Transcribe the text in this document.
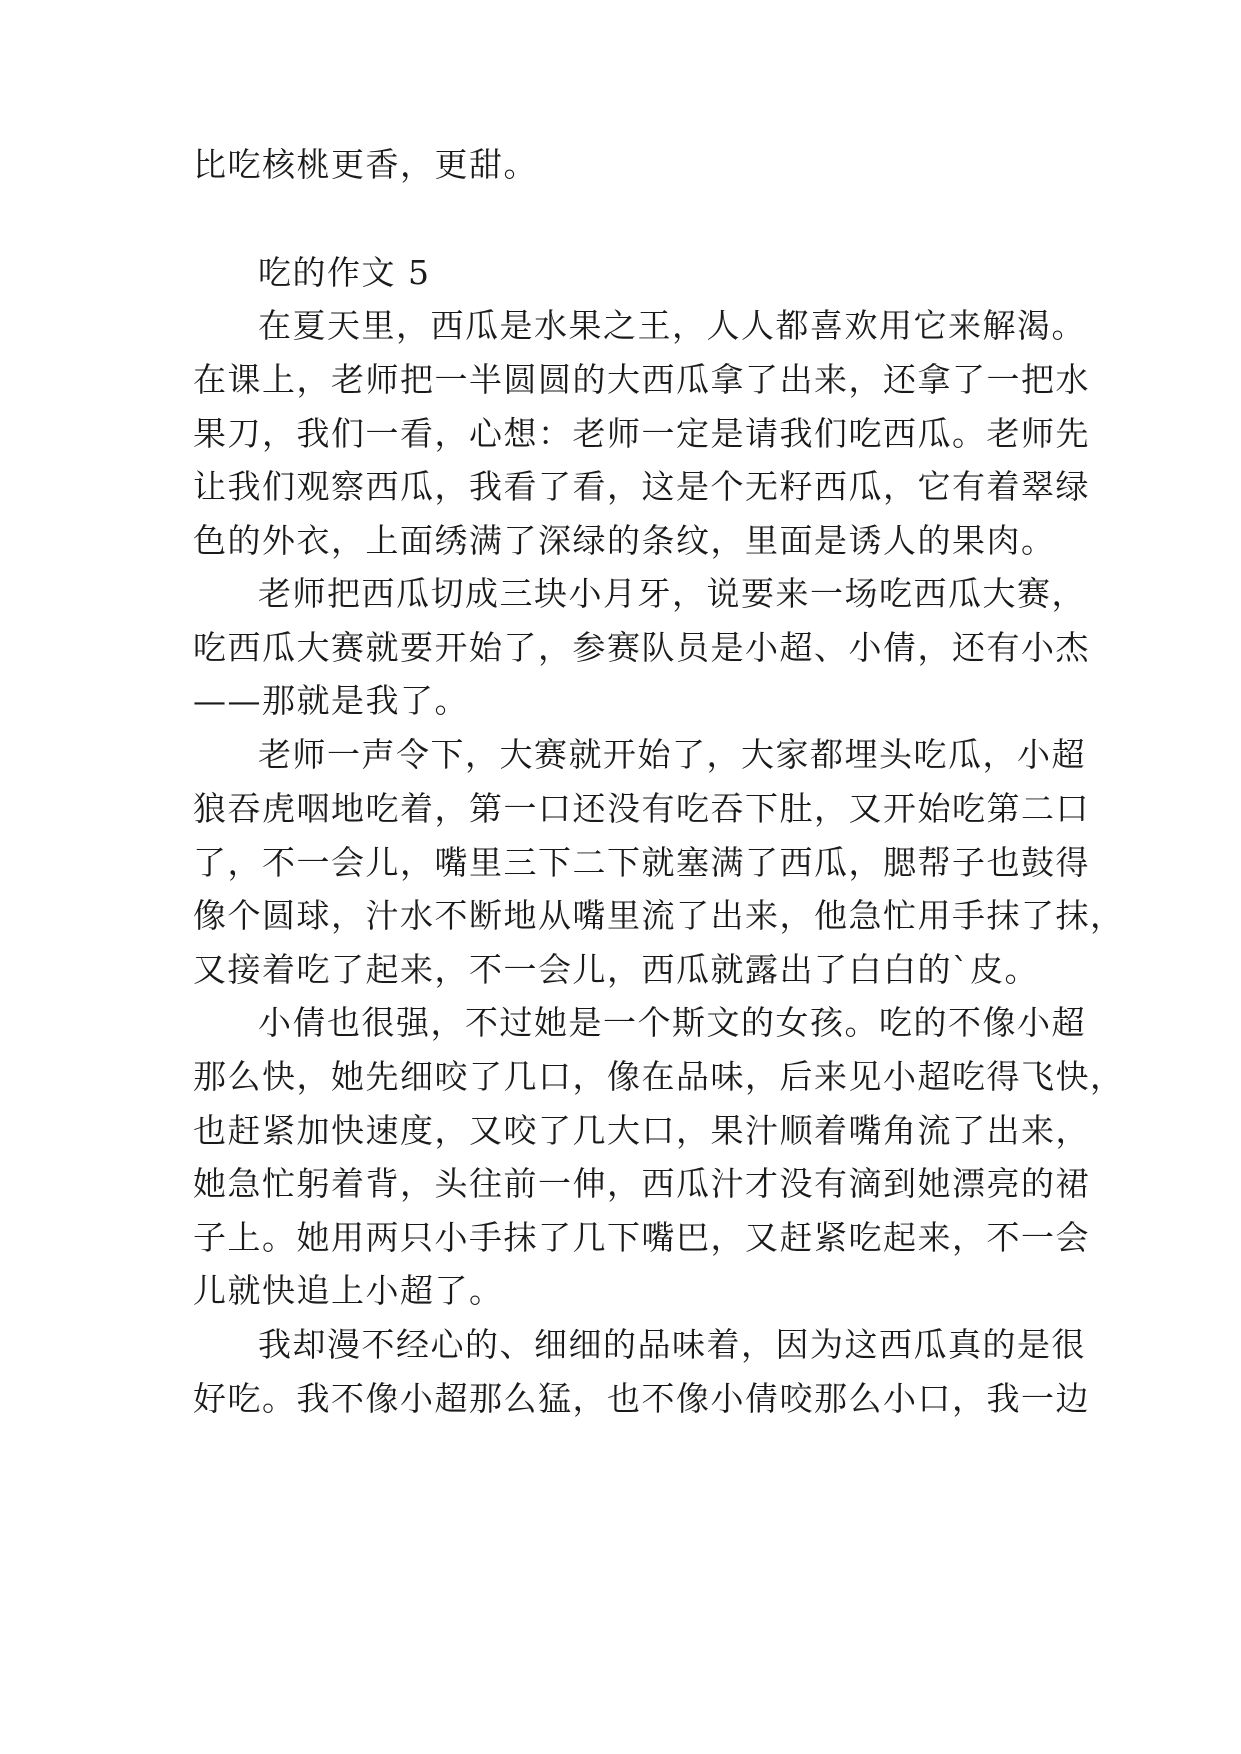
比吃核桃更香，更甜。
吃的作文 5
在夏天里，西瓜是水果之王，人人都喜欢用它来解渴。
在课上，老师把一半圆圆的大西瓜拿了出来，还拿了一把水
果刀，我们一看，心想：老师一定是请我们吃西瓜。老师先
让我们观察西瓜，我看了看，这是个无籽西瓜，它有着翠绿
色的外衣，上面绣满了深绿的条纹，里面是诱人的果肉。
老师把西瓜切成三块小月牙，说要来一场吃西瓜大赛，
吃西瓜大赛就要开始了，参赛队员是小超、小倩，还有小杰
——那就是我了。
老师一声令下，大赛就开始了，大家都埋头吃瓜，小超
狼吞虎咽地吃着，第一口还没有吃吞下肚，又开始吃第二口
了，不一会儿，嘴里三下二下就塞满了西瓜，腮帮子也鼓得
像个圆球，汁水不断地从嘴里流了出来，他急忙用手抹了抹，
又接着吃了起来，不一会儿，西瓜就露出了白白的`皮。
小倩也很强，不过她是一个斯文的女孩。吃的不像小超
那么快，她先细咬了几口，像在品味，后来见小超吃得飞快，
也赶紧加快速度，又咬了几大口，果汁顺着嘴角流了出来，
她急忙躬着背，头往前一伸，西瓜汁才没有滴到她漂亮的裙
子上。她用两只小手抹了几下嘴巴，又赶紧吃起来，不一会
儿就快追上小超了。
我却漫不经心的、细细的品味着，因为这西瓜真的是很
好吃。我不像小超那么猛，也不像小倩咬那么小口，我一边
